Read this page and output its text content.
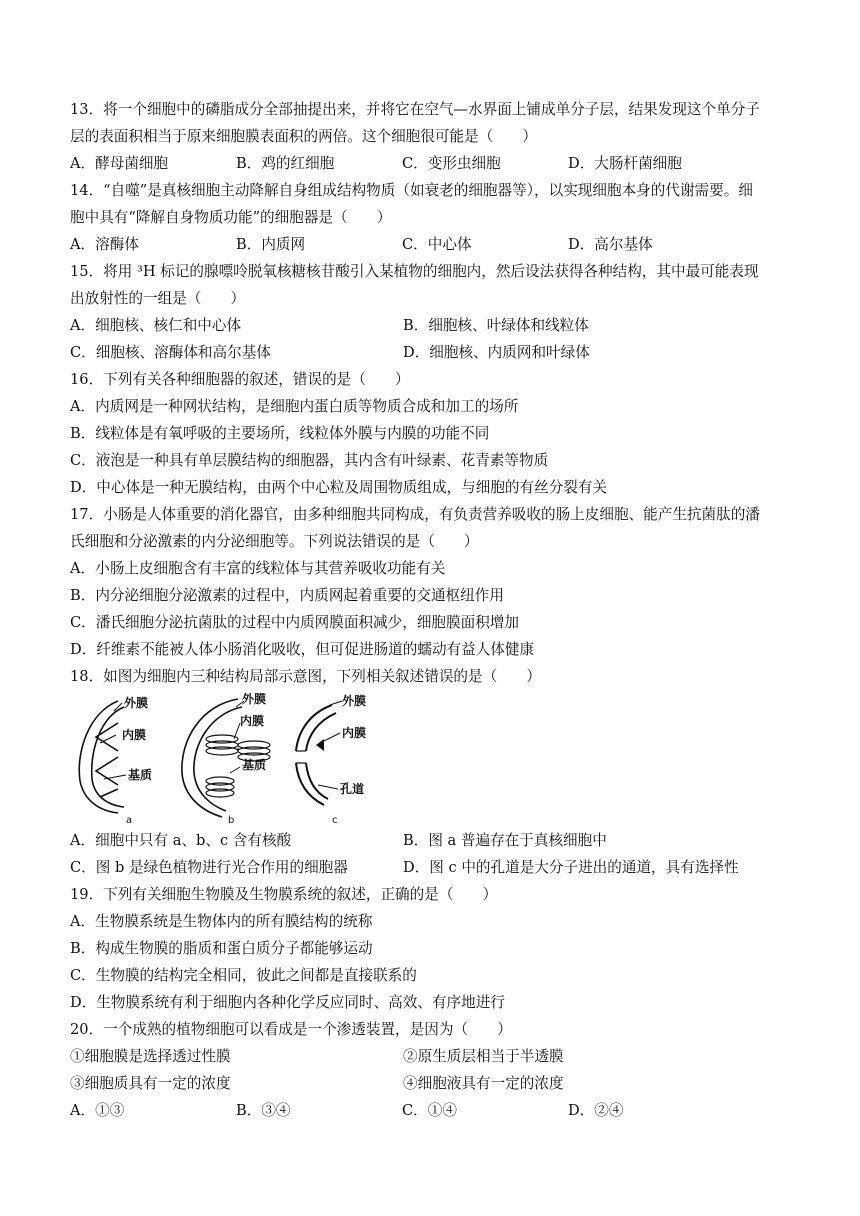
13．将一个细胞中的磷脂成分全部抽提出来，并将它在空气—水界面上铺成单分子层，结果发现这个单分子
层的表面积相当于原来细胞膜表面积的两倍。这个细胞很可能是（　　）
A．酵母菌细胞	B．鸡的红细胞	C．变形虫细胞	D．大肠杆菌细胞
14．“自噬”是真核细胞主动降解自身组成结构物质（如衰老的细胞器等），以实现细胞本身的代谢需要。细
胞中具有“降解自身物质功能”的细胞器是（　　）
A．溶酶体	B．内质网	C．中心体	D．高尔基体
15．将用 ³H 标记的腺嘌呤脱氧核糖核苷酸引入某植物的细胞内，然后设法获得各种结构，其中最可能表现
出放射性的一组是（　　）
A．细胞核、核仁和中心体	B．细胞核、叶绿体和线粒体
C．细胞核、溶酶体和高尔基体	D．细胞核、内质网和叶绿体
16．下列有关各种细胞器的叙述，错误的是（　　）
A．内质网是一种网状结构，是细胞内蛋白质等物质合成和加工的场所
B．线粒体是有氧呼吸的主要场所，线粒体外膜与内膜的功能不同
C．液泡是一种具有单层膜结构的细胞器，其内含有叶绿素、花青素等物质
D．中心体是一种无膜结构，由两个中心粒及周围物质组成，与细胞的有丝分裂有关
17．小肠是人体重要的消化器官，由多种细胞共同构成，有负责营养吸收的肠上皮细胞、能产生抗菌肽的潘
氏细胞和分泌激素的内分泌细胞等。下列说法错误的是（　　）
A．小肠上皮细胞含有丰富的线粒体与其营养吸收功能有关
B．内分泌细胞分泌激素的过程中，内质网起着重要的交通枢纽作用
C．潘氏细胞分泌抗菌肽的过程中内质网膜面积减少，细胞膜面积增加
D．纤维素不能被人体小肠消化吸收，但可促进肠道的蠕动有益人体健康
18．如图为细胞内三种结构局部示意图，下列相关叙述错误的是（　　）
外膜
内膜
基质
a
外膜
内膜
基质
b
外膜
内膜
孔道
c
A．细胞中只有 a、b、c 含有核酸	B．图 a 普遍存在于真核细胞中
C．图 b 是绿色植物进行光合作用的细胞器	D．图 c 中的孔道是大分子进出的通道，具有选择性
19．下列有关细胞生物膜及生物膜系统的叙述，正确的是（　　）
A．生物膜系统是生物体内的所有膜结构的统称
B．构成生物膜的脂质和蛋白质分子都能够运动
C．生物膜的结构完全相同，彼此之间都是直接联系的
D．生物膜系统有利于细胞内各种化学反应同时、高效、有序地进行
20．一个成熟的植物细胞可以看成是一个渗透装置，是因为（　　）
①细胞膜是选择透过性膜	②原生质层相当于半透膜
③细胞质具有一定的浓度	④细胞液具有一定的浓度
A．①③	B．③④	C．①④	D．②④
